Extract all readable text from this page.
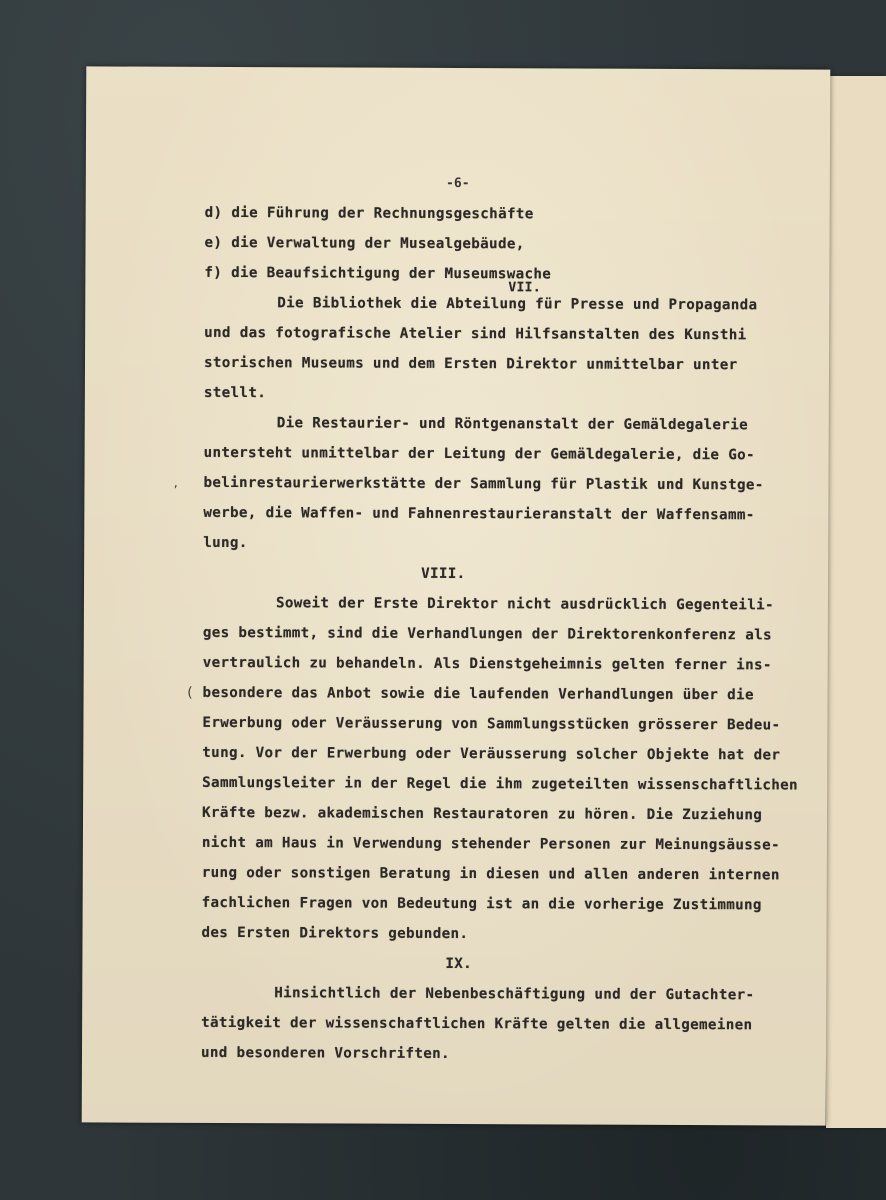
-6-
d) die Führung der Rechnungsgeschäfte
e) die Verwaltung der Musealgebäude,
f) die Beaufsichtigung der Museumswache
VII.
Die Bibliothek die Abteilung für Presse und Propaganda
und das fotografische Atelier sind Hilfsanstalten des Kunsthi
storischen Museums und dem Ersten Direktor unmittelbar unter
stellt.
Die Restaurier- und Röntgenanstalt der Gemäldegalerie
untersteht unmittelbar der Leitung der Gemäldegalerie, die Go-
belinrestaurierwerkstätte der Sammlung für Plastik und Kunstge-
werbe, die Waffen- und Fahnenrestaurieranstalt der Waffensamm-
lung.
VIII.
Soweit der Erste Direktor nicht ausdrücklich Gegenteili-
ges bestimmt, sind die Verhandlungen der Direktorenkonferenz als
vertraulich zu behandeln. Als Dienstgeheimnis gelten ferner ins-
besondere das Anbot sowie die laufenden Verhandlungen über die
Erwerbung oder Veräusserung von Sammlungsstücken grösserer Bedeu-
tung. Vor der Erwerbung oder Veräusserung solcher Objekte hat der
Sammlungsleiter in der Regel die ihm zugeteilten wissenschaftlichen
Kräfte bezw. akademischen Restauratoren zu hören. Die Zuziehung
nicht am Haus in Verwendung stehender Personen zur Meinungsäusse-
rung oder sonstigen Beratung in diesen und allen anderen internen
fachlichen Fragen von Bedeutung ist an die vorherige Zustimmung
des Ersten Direktors gebunden.
IX.
Hinsichtlich der Nebenbeschäftigung und der Gutachter-
tätigkeit der wissenschaftlichen Kräfte gelten die allgemeinen
und besonderen Vorschriften.
(
,
